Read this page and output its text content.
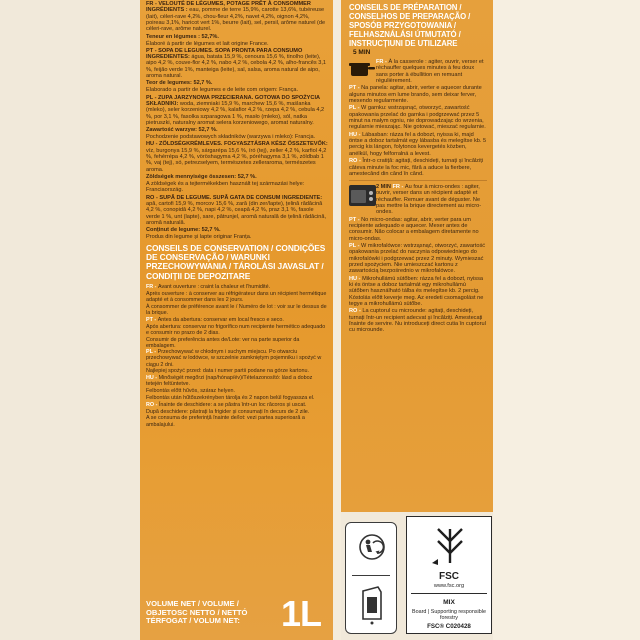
FR - VELOUTÉ DE LÉGUMES, POTAGE PRÊT À CONSOMMER INGRÉDIENTS : eau, pomme de terre 15,9%, carotte 13,6%, tubéreuse (lait), céleri-rave 4,2%, chou-fleur 4,2%, navet 4,2%, oignon 4,2%, poireau 3,1%, haricot vert 1%, beurre (lait), sel, persil, arôme naturel (de céleri-rave, arôme naturel.

Teneur en légumes : 52,7%.

Élaboré à partir de légumes et lait origine France.

PT - SOPA DE LEGUMES. SOPA PRONTA PARA CONSUMO INGREDIENTES: água, batata 15,9 %, cenoura 15,6 %, tinolho (leite), aipo 4,2 %, couve-flor 4,2 %, nabo 4,2 %, cebola 4,2 %, alho-francês 3,1 %, feijão verde 1%, manteiga (leite), sal, salsa, aroma natural de aipo, aroma natural.

Teor de legumes: 52,7 %.

Elaborado a partir de legumes e de leite com origem: França.

PL - ZUPA JARZYNOWA PRZECIERANA. GOTOWA DO SPOŻYCIA SKŁADNIKI: woda, ziemniaki 15,9 %, marchew 15,6 %, maślanka (mleko), seler korzeniowy 4,2 %, kalafior 4,2 %, rzepa 4,2 %, cebula 4,2 %, por 3,1 %, fasolka szparagowa 1 %, masło (mleko), sól, natka pietruszki, naturalny aromat selera korzeniowego, aromat naturalny.

Zawartość warzyw: 52,7 %.

Pochodzenie podstawowych składników (warzywa i mleko): Francja.

HU - ZÖLDSÉGKRÉMLEVES. FOGYASZTÁSRA KÉSZ ÖSSZETEVŐK: víz, burgonya 15,9 %, sárgarépa 15,6 %, író (tej), zeller 4,2 %, karfiol 4,2 %, fehérrépa 4,2 %, vöröshagyma 4,2 %, póréhagyma 3,1 %, zöldbab 1 %, vaj (tej), só, petrezselyem, természetes zelleraroma, természetes aroma.

Zöldségek mennyisége összesen: 52,7 %.

A zöldségek és a tejtermékekben használt tej származási helye: Franciaország.

RO - SUPĂ DE LEGUME. SUPĂ GATA DE CONSUM INGREDIENTE: apă, cartofi 15,9 %, morcov 15,6 %, zară (din zer/lapte), țelină rădăcină 4,2 %, conopidă 4,2 %, napi 4,2 %, ceapă 4,2 %, praz 3,1 %, fasole verde 1 %, unt (lapte), sare, pătrunjel, aromă naturală de țelină rădăcină, aromă naturală.

Conținut de legume: 52,7 %.

Produs din legume și lapte originar Franța.

CONSEILS DE CONSERVATION / CONDIÇÕES DE CONSERVAÇÃO / WARUNKI PRZECHOWYWANIA / TÁROLÁSI JAVASLAT / CONDIȚII DE DEPOZITARE

FR - Avant ouverture : craint la chaleur et l'humidité.

Après ouverture : à conserver au réfrigérateur dans un récipient hermétique adapté et à consommer dans les 2 jours.

À consommer de préférence avant le / Numéro de lot : voir sur le dessus de la brique.

PT - Antes da abertura: conservar em local fresco e seco.

Após abertura: conservar no frigorífico num recipiente hermético adequado e consumir no prazo de 2 dias.

Consumir de preferência antes de/Lote: ver na parte superior da embalagem.

PL - Przechowywać w chłodnym i suchym miejscu. Po otwarciu przechowywać w lodówce, w szczelnie zamkniętym pojemniku i spożyć w ciągu 2 dni.

Najlepiej spożyć przed: data i numer partii podane na górze kartonu.

HU - Minőségét megőrzi (nap/hónap/év)/Tételazonosító: lásd a doboz tetején feltüntetve.

Felbontás előtt hűvös, száraz helyen.

Felbontás után hűtőszekrényben tárolja és 2 napon belül fogyassza el.

RO - Înainte de deschidere: a se păstra într-un loc răcoros și uscat.

După deschidere: păstrați la frigider și consumați în decurs de 2 zile.

A se consuma de preferință înainte de/lot: vezi partea superioară a ambalajului.

VOLUME NET / VOLUME / OBJETOSC NETTO / NETTÓ TÉRFOGAT / VOLUM NET:	1L
CONSEILS DE PRÉPARATION / CONSELHOS DE PREPARAÇÃO / SPOSÓB PRZYGOTOWANIA / FELHASZNÁLÁSI ÚTMUTATÓ / INSTRUCȚIUNI DE UTILIZARE
5 MIN

FR - À la casserole : agiter, ouvrir, verser et réchauffer quelques minutes à feu doux sans porter à ébullition en remuant régulièrement.

PT - Na panela: agitar, abrir, verter e aquecer durante alguns minutos em lume brando, sem deixar ferver, mexendo regularmente.

PL - W garnku: wstrząsnąć, otworzyć, zawartość opakowania przelać do garnka i podgrzewać przez 5 minut na małym ogniu, nie doprowadzając do wrzenia, regularnie mieszając. Nie gotować, mieszać regularnie.

HU - Lábasban: rázza fel a dobozt, nyissa ki, majd öntse a doboz tartalmát egy lábasba és melegítse kb. 5 percig kis lángon, folytonos kevergetés közben, anélkül, hogy felforralná a levest.

RO - Într-o cratiță: agitați, deschideți, turnați și încălziți câteva minute la foc mic, fără a aduce la fierbere, amestecând din când în când.

2 MIN FR - Au four à micro-ondes : agiter, ouvrir, verser dans un récipient adapté et réchauffer. Remuer avant de déguster. Ne pas mettre la brique directement au micro-ondes.

PT - No micro-ondas: agitar, abrir, verter para um recipiente adequado e aquecer. Mexer antes de consumir. Não colocar a embalagem diretamente no micro-ondas.

PL - W mikrofalówce: wstrząsnąć, otworzyć, zawartość opakowania przelać do naczynia odpowiedniego do mikrofalówki i podgrzewać przez 2 minuty. Wymieszać przed spożyciem. Nie umieszczać kartonu z zawartością bezpośrednio w mikrofalówce.

HU - Mikrohullámú sütőben: rázza fel a dobozt, nyissa ki és öntse a doboz tartalmát egy mikrohullámú sütőben használható tálba és melegítse kb. 2 percig. Kóstolás előtt keverje meg. Az eredeti csomagolást ne tegye a mikrohullámú sütőbe.

RO - La cuptorul cu microunde: agitați, deschideți, turnați într-un recipient adecvat și încălziți. Amestecați înainte de servire. Nu introduceți direct cutia în cuptorul cu microunde.

FSC
www.fsc.org
MIX
Board | Supporting responsible forestry
FSC® C020428
